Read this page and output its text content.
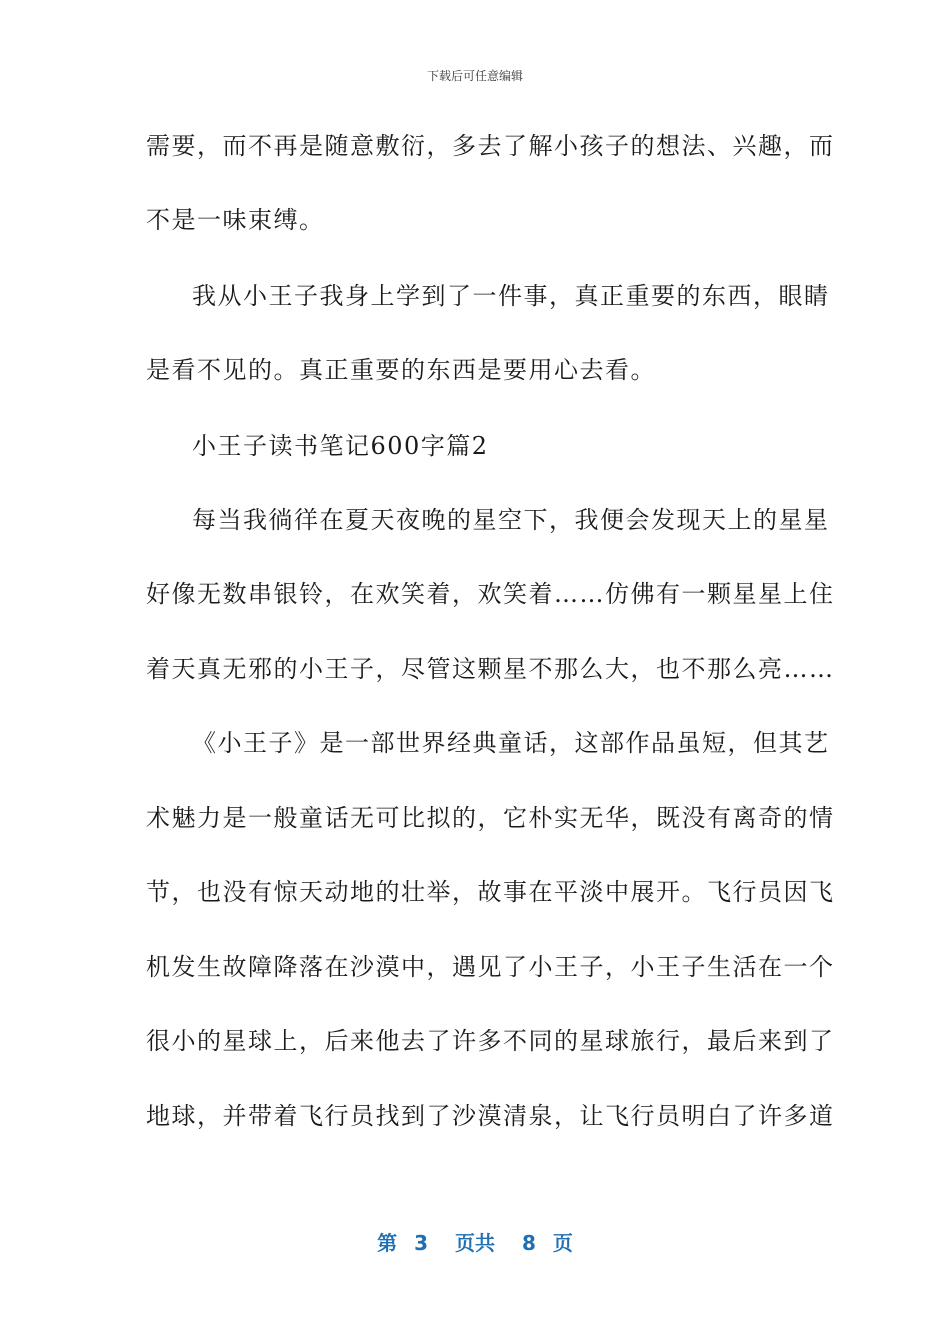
下载后可任意编辑
需要，而不再是随意敷衍，多去了解小孩子的想法、兴趣，而
不是一味束缚。
我从小王子我身上学到了一件事，真正重要的东西，眼睛
是看不见的。真正重要的东西是要用心去看。
小王子读书笔记600字篇2
每当我徜徉在夏天夜晚的星空下，我便会发现天上的星星
好像无数串银铃，在欢笑着，欢笑着……仿佛有一颗星星上住
着天真无邪的小王子，尽管这颗星不那么大，也不那么亮……
《小王子》是一部世界经典童话，这部作品虽短，但其艺
术魅力是一般童话无可比拟的，它朴实无华，既没有离奇的情
节，也没有惊天动地的壮举，故事在平淡中展开。飞行员因飞
机发生故障降落在沙漠中，遇见了小王子，小王子生活在一个
很小的星球上，后来他去了许多不同的星球旅行，最后来到了
地球，并带着飞行员找到了沙漠清泉，让飞行员明白了许多道
第 3 页共 8 页
